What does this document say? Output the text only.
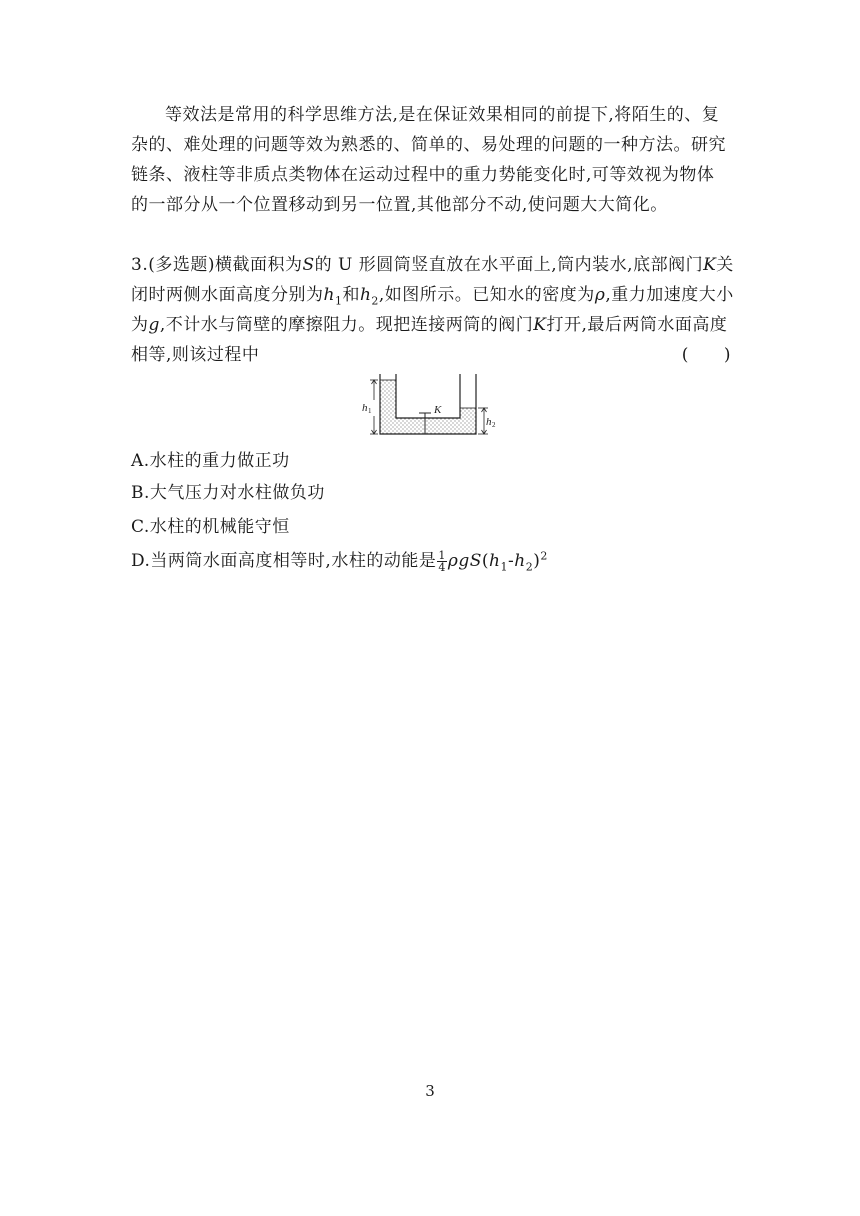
等效法是常用的科学思维方法,是在保证效果相同的前提下,将陌生的、复杂的、难处理的问题等效为熟悉的、简单的、易处理的问题的一种方法。研究链条、液柱等非质点类物体在运动过程中的重力势能变化时,可等效视为物体的一部分从一个位置移动到另一位置,其他部分不动,使问题大大简化。
3.(多选题)横截面积为S的 U 形圆筒竖直放在水平面上,筒内装水,底部阀门K关
闭时两侧水面高度分别为$h_1$和$h_2$,如图所示。已知水的密度为ρ,重力加速度大小
为g,不计水与筒壁的摩擦阻力。现把连接两筒的阀门K打开,最后两筒水面高度
相等,则该过程中	(　　)
h 1
h 2
K
A.水柱的重力做正功
B.大气压力对水柱做负功
C.水柱的机械能守恒
D.当两筒水面高度相等时,水柱的动能是 $\frac{1}{4} \rho gS(h_1-h_2)^2$
3
